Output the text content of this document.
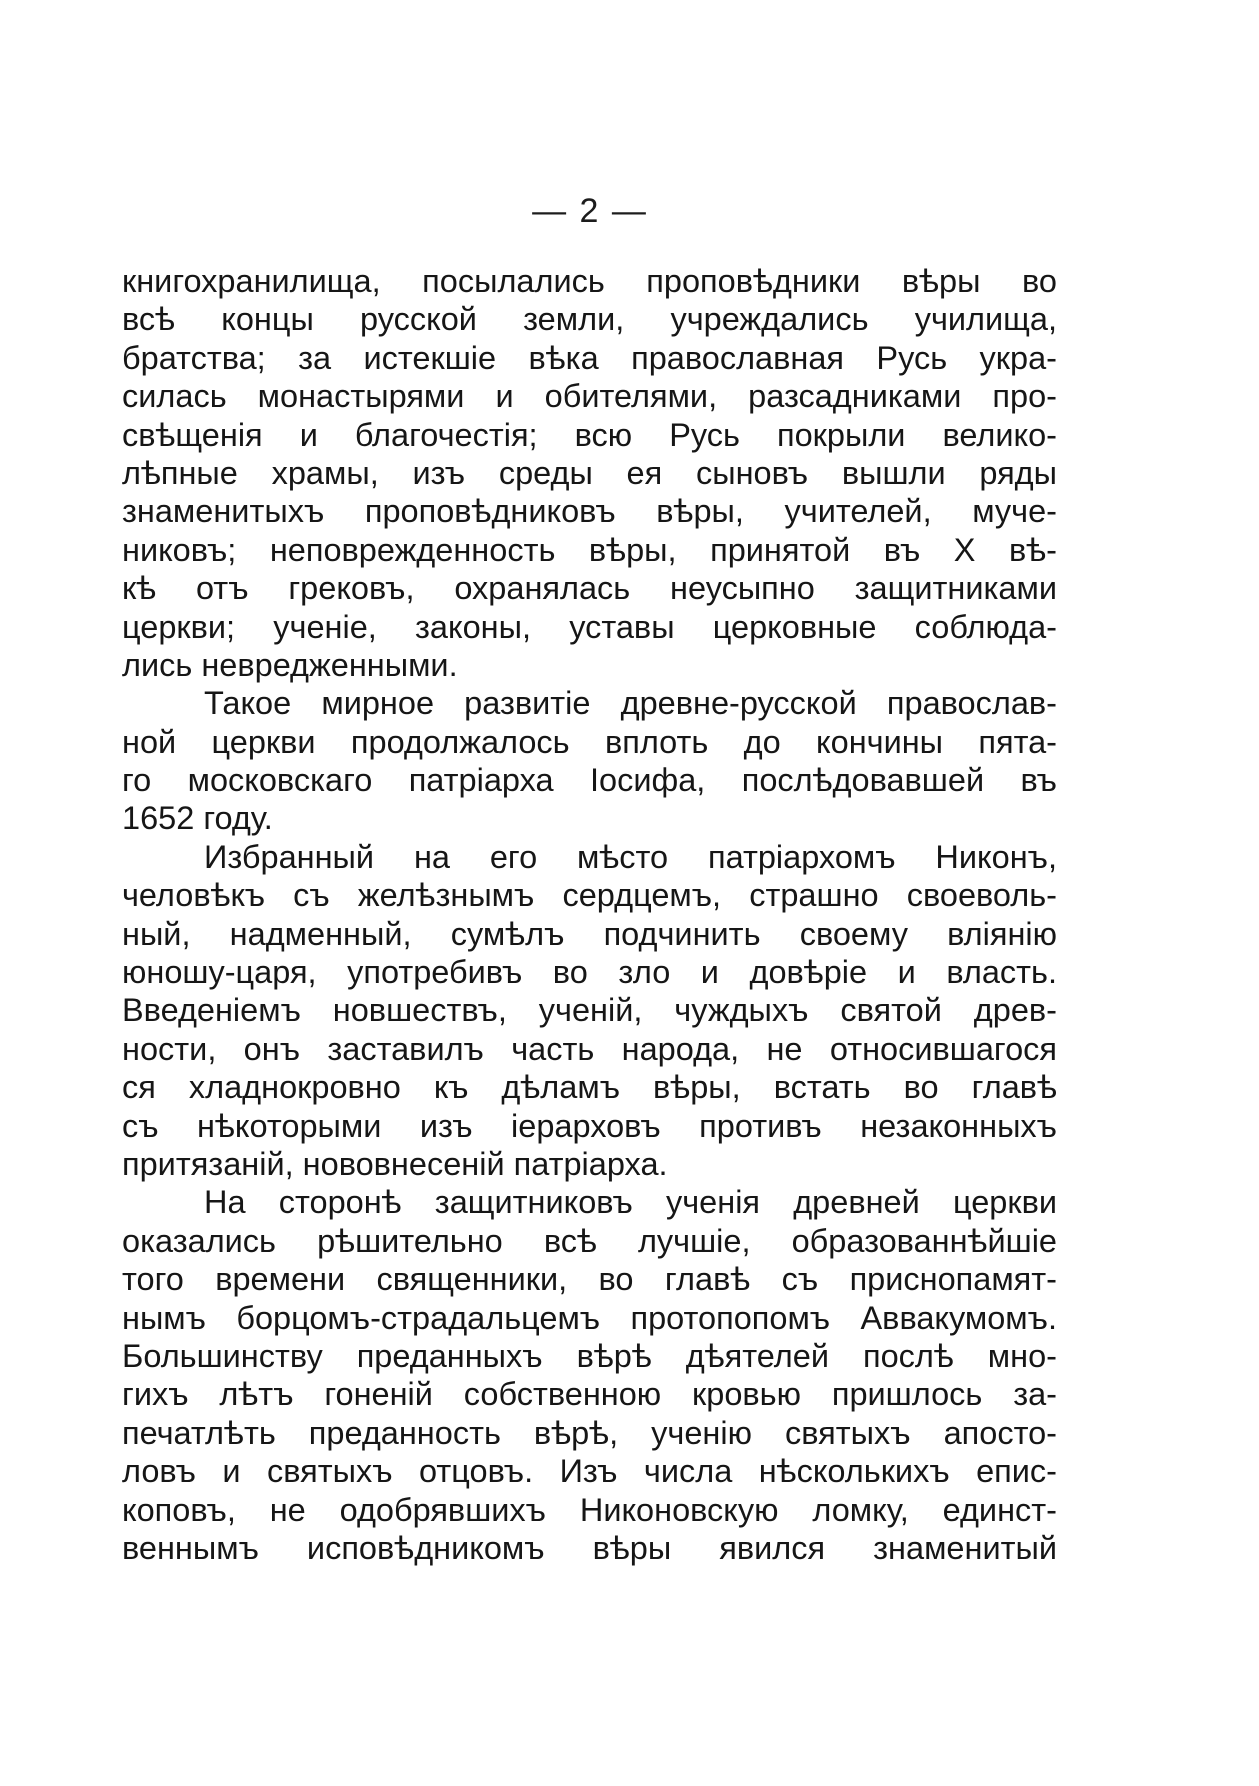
— 2 —
книгохранилища, посылались проповѣдники вѣры во
всѣ концы русской земли, учреждались училища,
братства; за истекшiе вѣка православная Русь укра-
силась монастырями и обителями, разсадниками про-
свѣщенiя и благочестiя; всю Русь покрыли велико-
лѣпные храмы, изъ среды ея сыновъ вышли ряды
знаменитыхъ проповѣдниковъ вѣры, учителей, муче-
никовъ; неповрежденность вѣры, принятой въ X вѣ-
кѣ отъ грековъ, охранялась неусыпно защитниками
церкви; ученiе, законы, уставы церковные соблюда-
лись невредженными.
Такое мирное развитiе древне-русской православ-
ной церкви продолжалось вплоть до кончины пята-
го московскаго патрiарха Iосифа, послѣдовавшей въ
1652 году.
Избранный на его мѣсто патрiархомъ Никонъ,
человѣкъ съ желѣзнымъ сердцемъ, страшно своеволь-
ный, надменный, сумѣлъ подчинить своему влiянiю
юношу-царя, употребивъ во зло и довѣрiе и власть.
Введенiемъ новшествъ, ученiй, чуждыхъ святой древ-
ности, онъ заставилъ часть народа, не относившагося
ся хладнокровно къ дѣламъ вѣры, встать во главѣ
съ нѣкоторыми изъ iерарховъ противъ незаконныхъ
притязанiй, нововнесенiй патрiарха.
На сторонѣ защитниковъ ученiя древней церкви
оказались рѣшительно всѣ лучшiе, образованнѣйшiе
того времени священники, во главѣ съ приснопамят-
нымъ борцомъ-страдальцемъ протопопомъ Аввакумомъ.
Большинству преданныхъ вѣрѣ дѣятелей послѣ мно-
гихъ лѣтъ гоненiй собственною кровью пришлось за-
печатлѣть преданность вѣрѣ, ученiю святыхъ апосто-
ловъ и святыхъ отцовъ. Изъ числа нѣсколькихъ епис-
коповъ, не одобрявшихъ Никоновскую ломку, единст-
веннымъ исповѣдникомъ вѣры явился знаменитый
